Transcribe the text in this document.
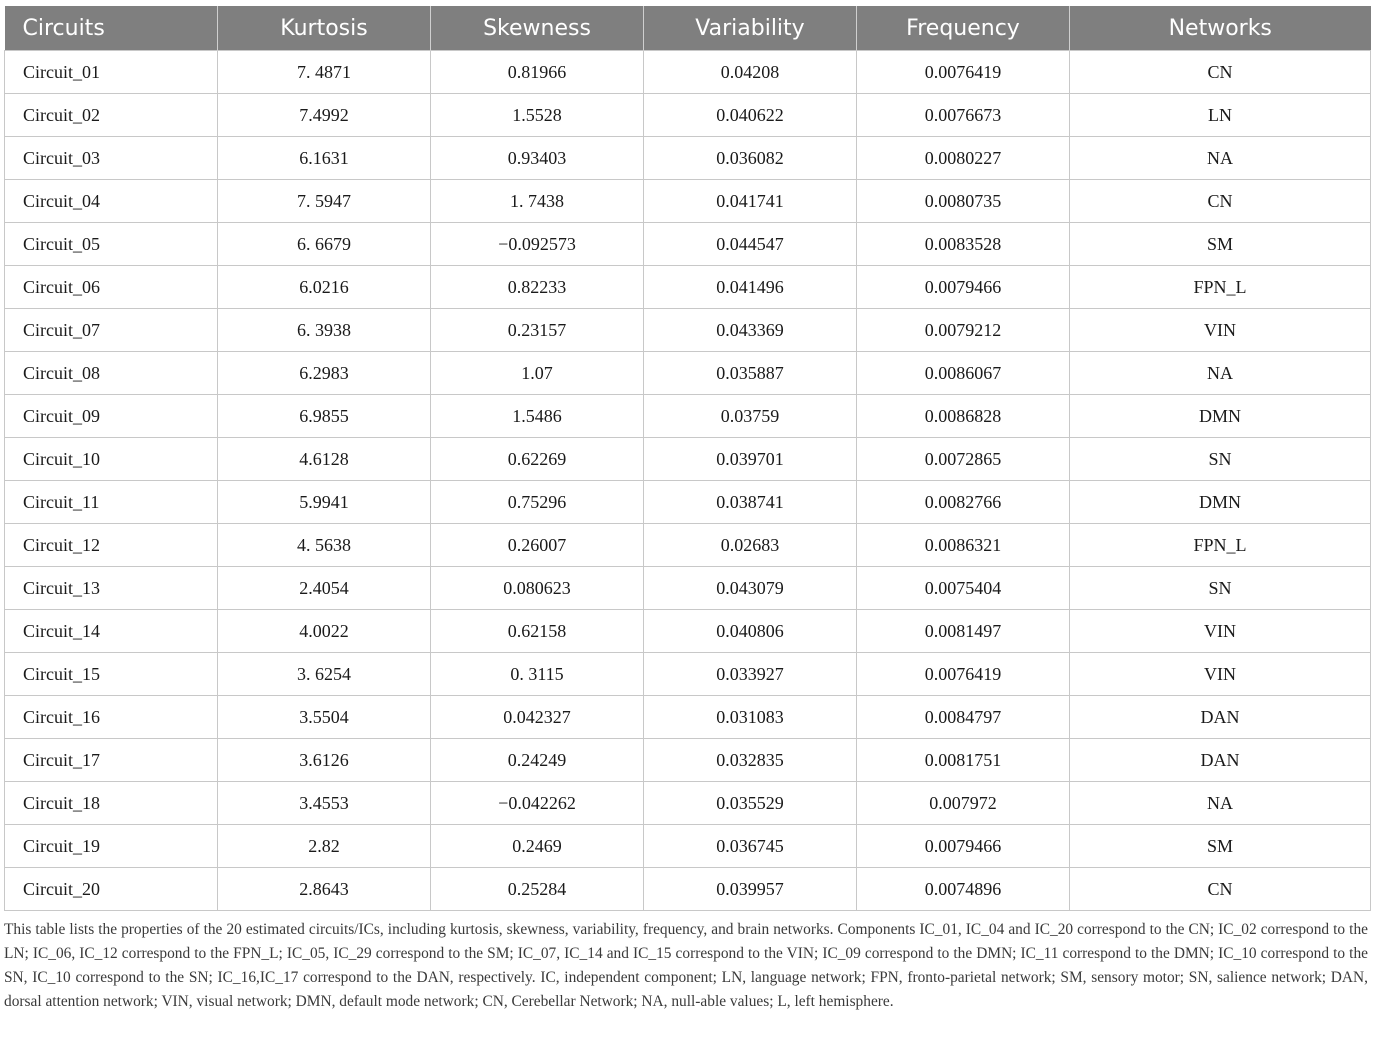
Circuits	Kurtosis	Skewness	Variability	Frequency	Networks
Circuit_01	7. 4871	0.81966	0.04208	0.0076419	CN
Circuit_02	7.4992	1.5528	0.040622	0.0076673	LN
Circuit_03	6.1631	0.93403	0.036082	0.0080227	NA
Circuit_04	7. 5947	1. 7438	0.041741	0.0080735	CN
Circuit_05	6. 6679	−0.092573	0.044547	0.0083528	SM
Circuit_06	6.0216	0.82233	0.041496	0.0079466	FPN_L
Circuit_07	6. 3938	0.23157	0.043369	0.0079212	VIN
Circuit_08	6.2983	1.07	0.035887	0.0086067	NA
Circuit_09	6.9855	1.5486	0.03759	0.0086828	DMN
Circuit_10	4.6128	0.62269	0.039701	0.0072865	SN
Circuit_11	5.9941	0.75296	0.038741	0.0082766	DMN
Circuit_12	4. 5638	0.26007	0.02683	0.0086321	FPN_L
Circuit_13	2.4054	0.080623	0.043079	0.0075404	SN
Circuit_14	4.0022	0.62158	0.040806	0.0081497	VIN
Circuit_15	3. 6254	0. 3115	0.033927	0.0076419	VIN
Circuit_16	3.5504	0.042327	0.031083	0.0084797	DAN
Circuit_17	3.6126	0.24249	0.032835	0.0081751	DAN
Circuit_18	3.4553	−0.042262	0.035529	0.007972	NA
Circuit_19	2.82	0.2469	0.036745	0.0079466	SM
Circuit_20	2.8643	0.25284	0.039957	0.0074896	CN

This table lists the properties of the 20 estimated circuits/ICs, including kurtosis, skewness, variability, frequency, and brain networks. Components IC_01, IC_04 and IC_20 correspond to the CN; IC_02 correspond to the LN; IC_06, IC_12 correspond to the FPN_L; IC_05, IC_29 correspond to the SM; IC_07, IC_14 and IC_15 correspond to the VIN; IC_09 correspond to the DMN; IC_11 correspond to the DMN; IC_10 correspond to the SN, IC_10 correspond to the SN; IC_16,IC_17 correspond to the DAN, respectively. IC, independent component; LN, language network; FPN, fronto-parietal network; SM, sensory motor; SN, salience network; DAN, dorsal attention network; VIN, visual network; DMN, default mode network; CN, Cerebellar Network; NA, null-able values; L, left hemisphere.
